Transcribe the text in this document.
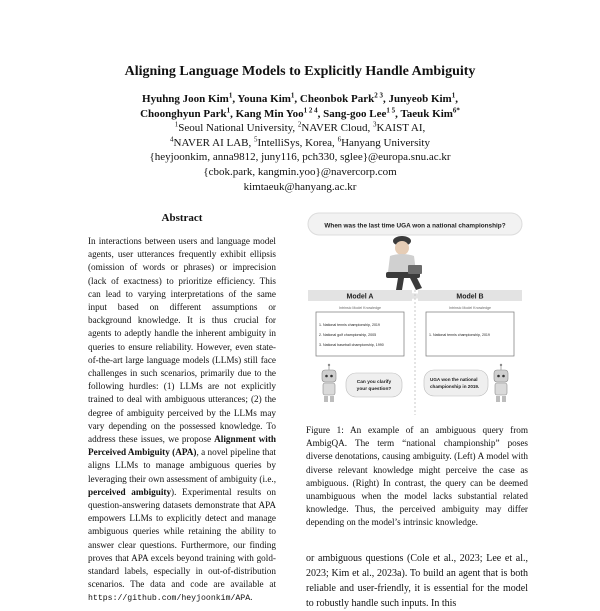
Aligning Language Models to Explicitly Handle Ambiguity
Hyuhng Joon Kim$^1$, Youna Kim$^1$, Cheonbok Park$^{2 3}$, Junyeob Kim$^1$,
Choonghyun Park$^1$, Kang Min Yoo$^{1 2 4}$, Sang-goo Lee$^{1 5}$, Taeuk Kim$^{6*}$
$^1$Seoul National University, $^2$NAVER Cloud, $^3$KAIST AI,
$^4$NAVER AI LAB, $^5$IntelliSys, Korea, $^6$Hanyang University
{heyjoonkim, anna9812, juny116, pch330, sglee}@europa.snu.ac.kr
{cbok.park, kangmin.yoo}@navercorp.com
kimtaeuk@hanyang.ac.kr
Abstract
In interactions between users and language model agents, user utterances frequently exhibit ellipsis (omission of words or phrases) or imprecision (lack of exactness) to prioritize efficiency. This can lead to varying interpretations of the same input based on different assumptions or background knowledge. It is thus crucial for agents to adeptly handle the inherent ambiguity in queries to ensure reliability. However, even state-of-the-art large language models (LLMs) still face challenges in such scenarios, primarily due to the following hurdles: (1) LLMs are not explicitly trained to deal with ambiguous utterances; (2) the degree of ambiguity perceived by the LLMs may vary depending on the possessed knowledge. To address these issues, we propose Alignment with Perceived Ambiguity (APA), a novel pipeline that aligns LLMs to manage ambiguous queries by leveraging their own assessment of ambiguity (i.e., perceived ambiguity). Experimental results on question-answering datasets demonstrate that APA empowers LLMs to explicitly detect and manage ambiguous queries while retaining the ability to answer clear questions. Furthermore, our finding proves that APA excels beyond training with gold-standard labels, especially in out-of-distribution scenarios. The data and code are available at https://github.com/heyjoonkim/APA.
When was the last time UGA won a national championship?
Model A	Model B
Intrinsic Model Knowledge	Intrinsic Model Knowledge
1. National tennis championship, 2019
2. National golf championship, 2005
3. National baseball championship, 1990
1. National tennis championship, 2019
Can you clarify
your question?
UGA won the national
championship in 2019.
Figure 1: An example of an ambiguous query from AmbigQA. The term “national championship” poses diverse denotations, causing ambiguity. (Left) A model with diverse relevant knowledge might perceive the case as ambiguous. (Right) In contrast, the query can be deemed unambiguous when the model lacks substantial related knowledge. Thus, the perceived ambiguity may differ depending on the model’s intrinsic knowledge.
or ambiguous questions (Cole et al., 2023; Lee et al., 2023; Kim et al., 2023a). To build an agent that is both reliable and user-friendly, it is essential for the model to robustly handle such inputs. In this
